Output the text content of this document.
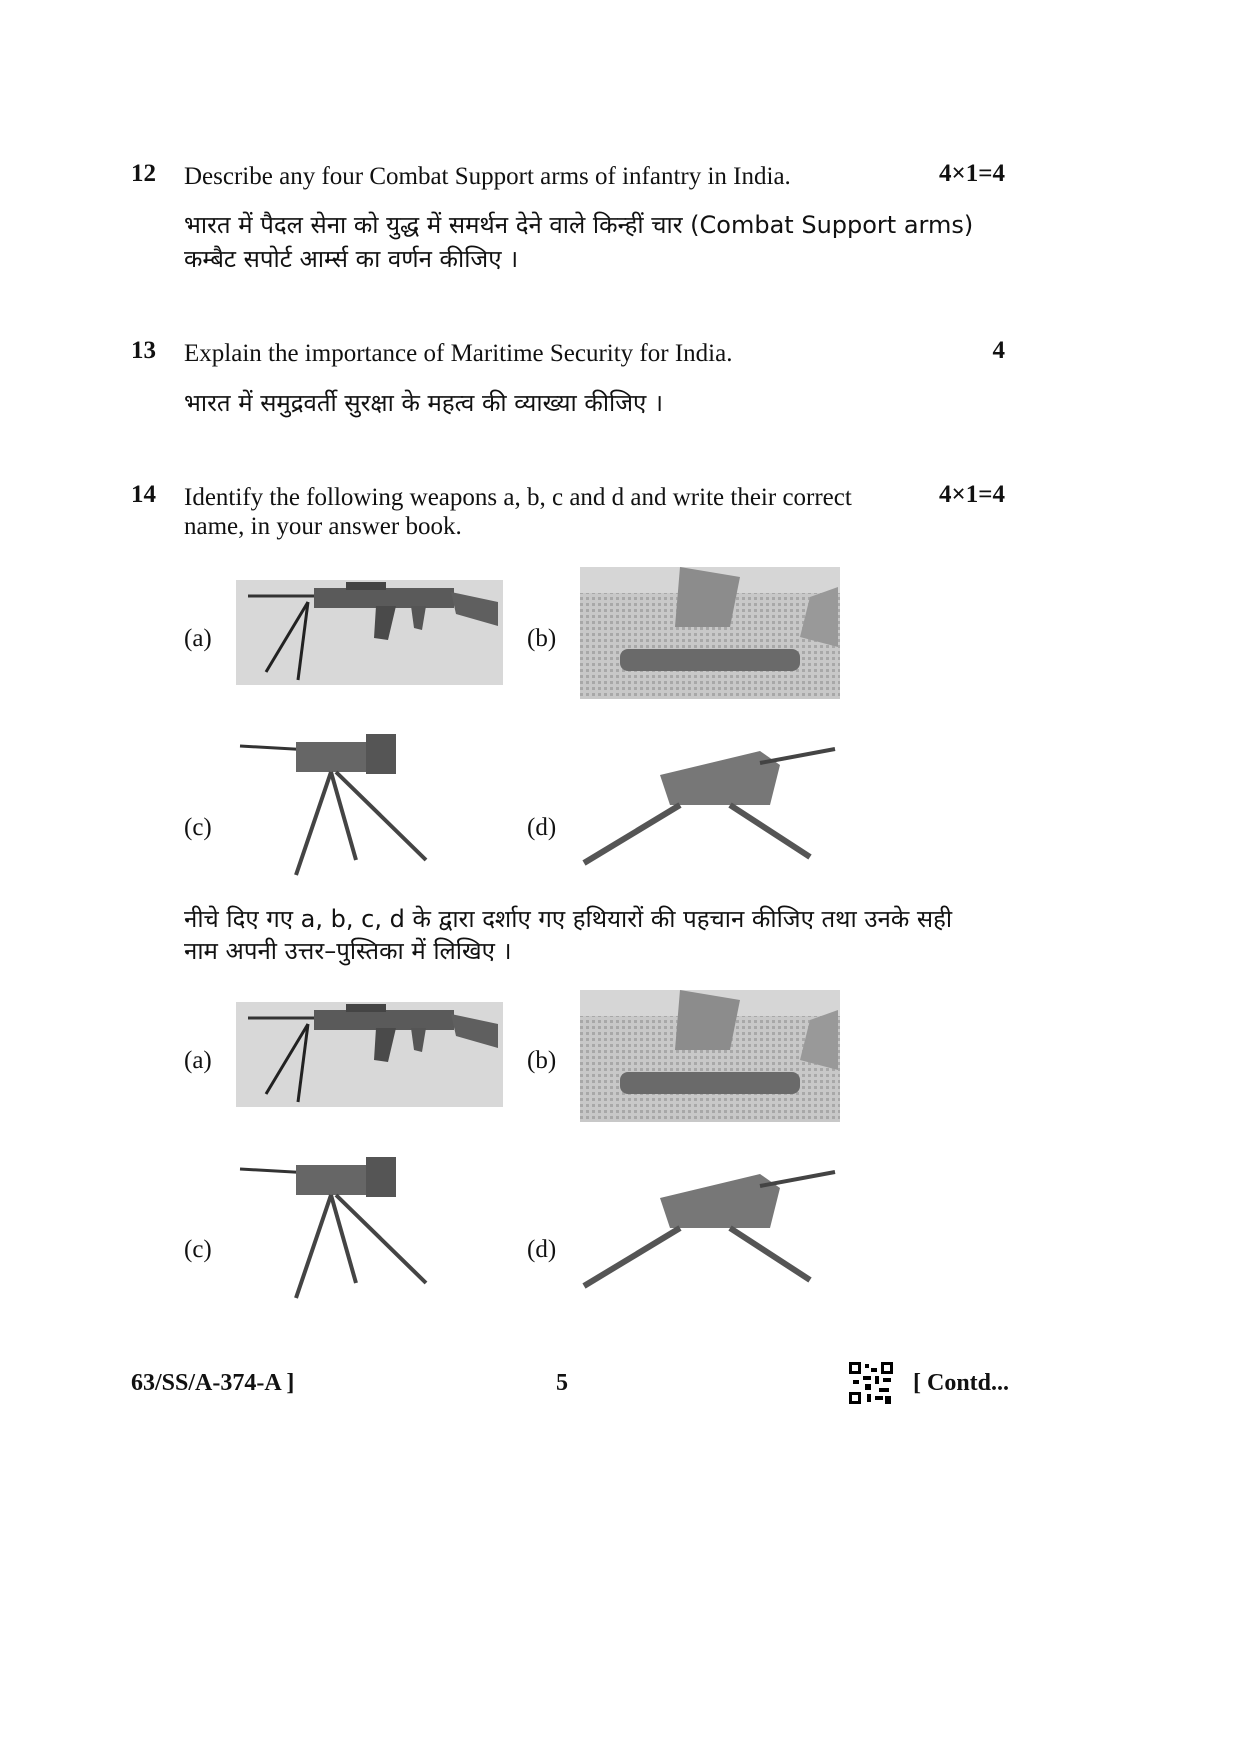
12 Describe any four Combat Support arms of infantry in India.	4×1=4
भारत में पैदल सेना को युद्ध में समर्थन देने वाले किन्हीं चार (Combat Support arms)
कम्बैट सपोर्ट आर्म्स का वर्णन कीजिए ।
13 Explain the importance of Maritime Security for India.	4
भारत में समुद्रवर्ती सुरक्षा के महत्व की व्याख्या कीजिए ।
14 Identify the following weapons a, b, c and d and write their correct
name, in your answer book.
4×1=4
(a)	(b)
(c)	(d)
नीचे दिए गए a, b, c, d के द्वारा दर्शाए गए हथियारों की पहचान कीजिए तथा उनके सही
नाम अपनी उत्तर–पुस्तिका में लिखिए ।
(a)	(b)
(c)	(d)
63/SS/A-374-A ]	5	[ Contd...
